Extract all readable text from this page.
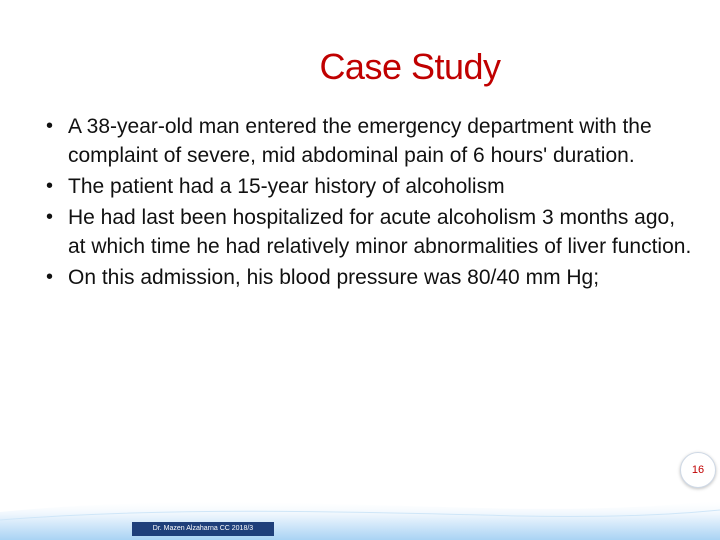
Case Study
• A 38-year-old man entered the emergency department with the complaint of severe, mid abdominal pain of 6 hours' duration.
• The patient had a 15-year history of alcoholism
• He had last been hospitalized for acute alcoholism 3 months ago, at which time he had relatively minor abnormalities of liver function.
• On this admission, his blood pressure was 80/40 mm Hg;
Dr. Mazen Alzaharna CC 2018/3
16
